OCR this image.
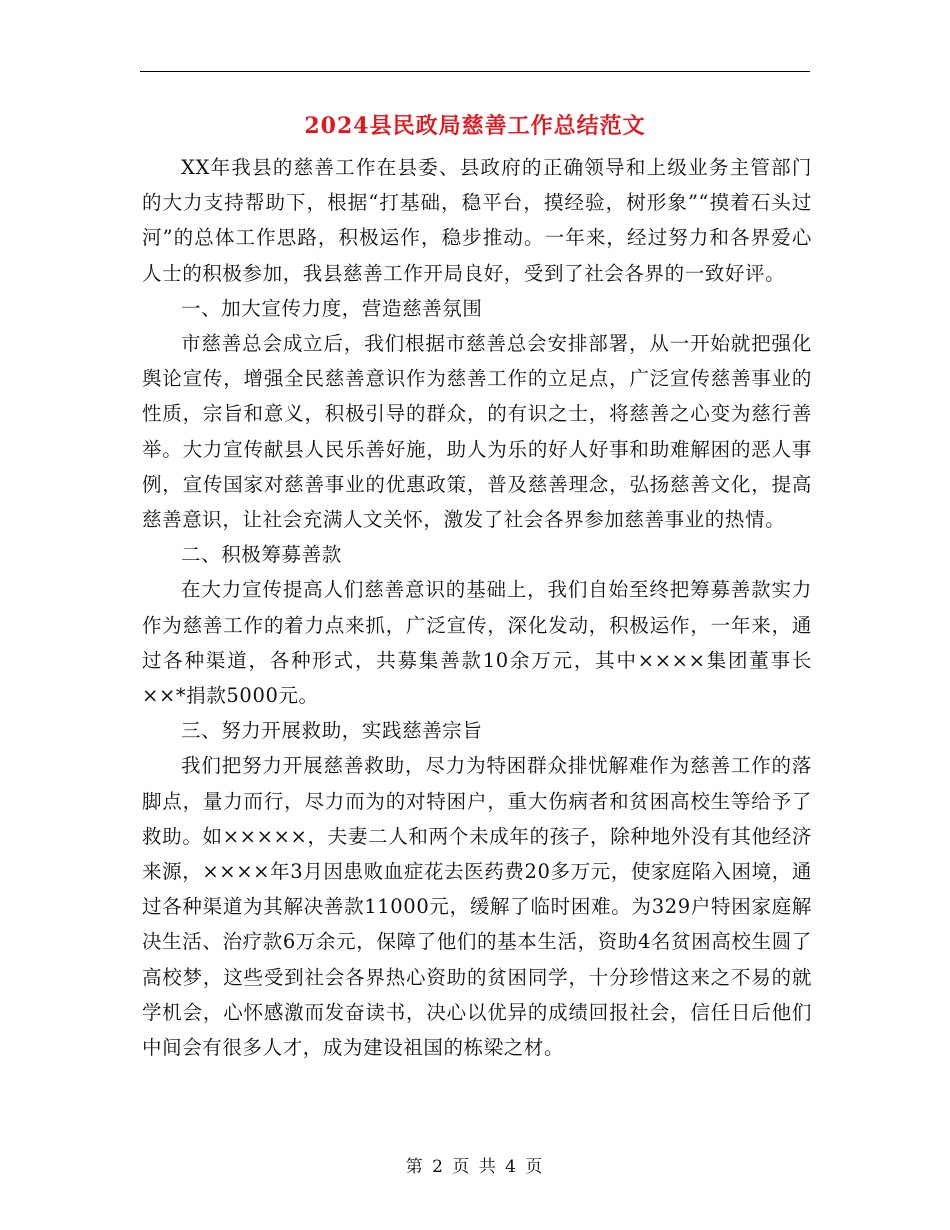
2024县民政局慈善工作总结范文

XX年我县的慈善工作在县委、县政府的正确领导和上级业务主管部门的大力支持帮助下，根据“打基础，稳平台，摸经验，树形象”“摸着石头过河”的总体工作思路，积极运作，稳步推动。一年来，经过努力和各界爱心人士的积极参加，我县慈善工作开局良好，受到了社会各界的一致好评。

一、加大宣传力度，营造慈善氛围

市慈善总会成立后，我们根据市慈善总会安排部署，从一开始就把强化舆论宣传，增强全民慈善意识作为慈善工作的立足点，广泛宣传慈善事业的性质，宗旨和意义，积极引导的群众，的有识之士，将慈善之心变为慈行善举。大力宣传献县人民乐善好施，助人为乐的好人好事和助难解困的恶人事例，宣传国家对慈善事业的优惠政策，普及慈善理念，弘扬慈善文化，提高慈善意识，让社会充满人文关怀，激发了社会各界参加慈善事业的热情。

二、积极筹募善款

在大力宣传提高人们慈善意识的基础上，我们自始至终把筹募善款实力作为慈善工作的着力点来抓，广泛宣传，深化发动，积极运作，一年来，通过各种渠道，各种形式，共募集善款10余万元，其中××××集团董事长××*捐款5000元。

三、努力开展救助，实践慈善宗旨

我们把努力开展慈善救助，尽力为特困群众排忧解难作为慈善工作的落脚点，量力而行，尽力而为的对特困户，重大伤病者和贫困高校生等给予了救助。如×××××，夫妻二人和两个未成年的孩子，除种地外没有其他经济来源，××××年3月因患败血症花去医药费20多万元，使家庭陷入困境，通过各种渠道为其解决善款11000元，缓解了临时困难。为329户特困家庭解决生活、治疗款6万余元，保障了他们的基本生活，资助4名贫困高校生圆了高校梦，这些受到社会各界热心资助的贫困同学，十分珍惜这来之不易的就学机会，心怀感激而发奋读书，决心以优异的成绩回报社会，信任日后他们中间会有很多人才，成为建设祖国的栋梁之材。

第 2 页 共 4 页
